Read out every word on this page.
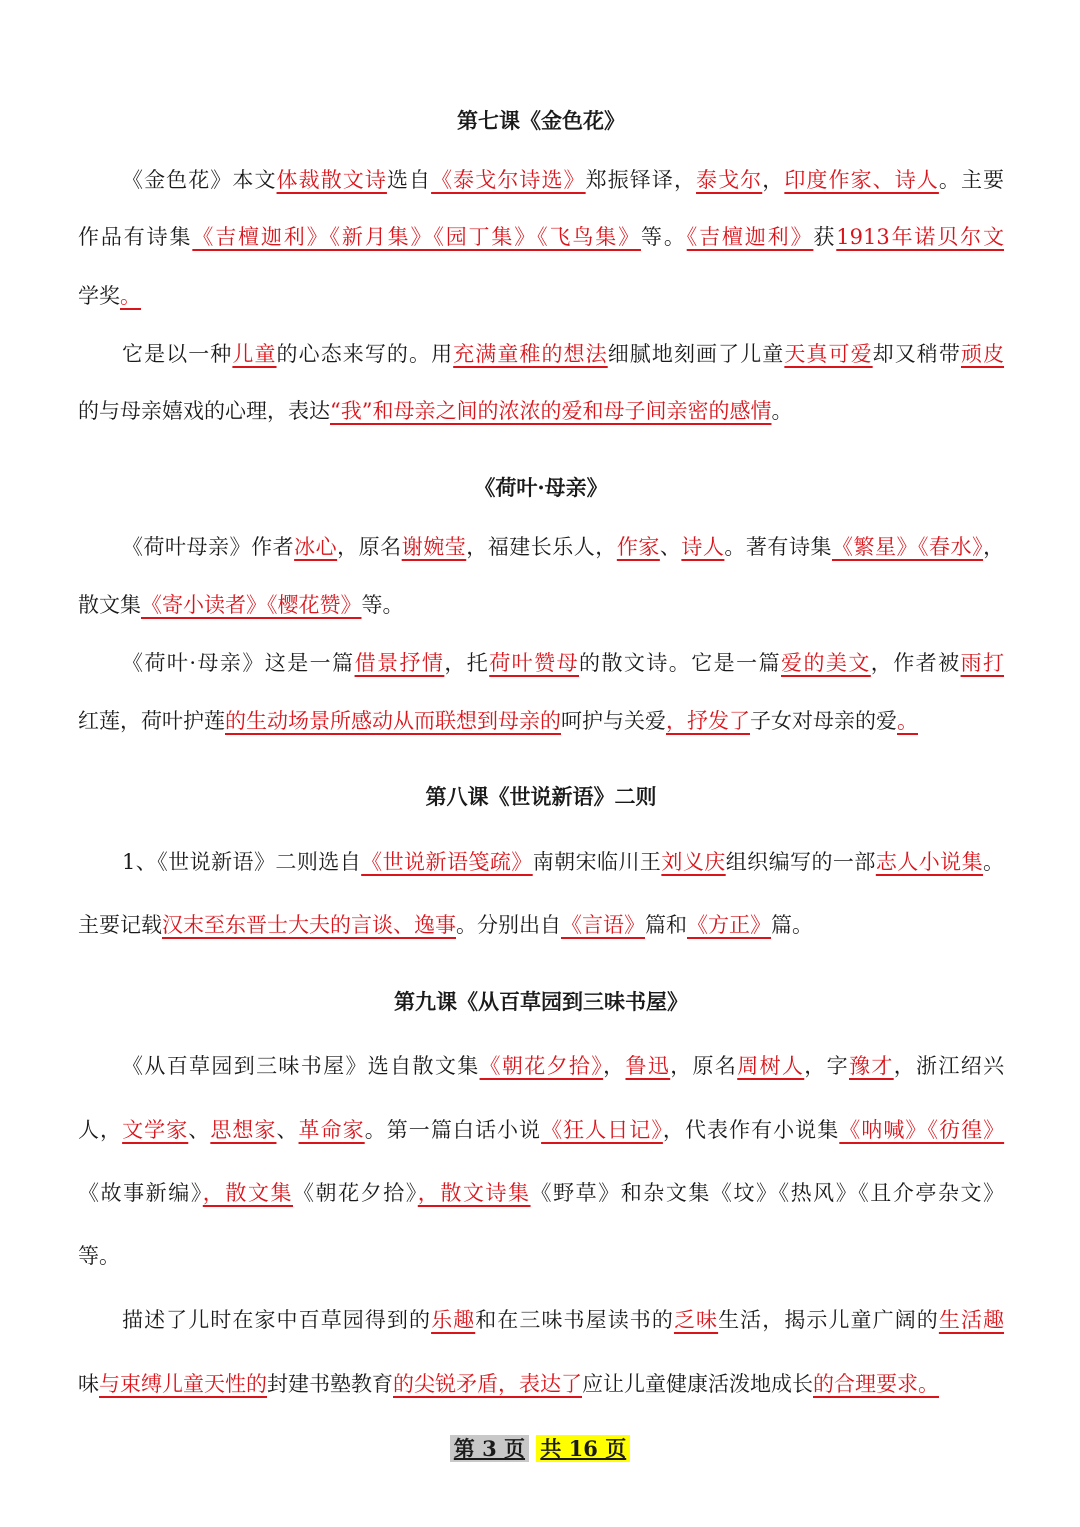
第七课《金色花》
《金色花》本文体裁散文诗选自《泰戈尔诗选》郑振铎译，泰戈尔，印度作家、诗人。主要
作品有诗集《吉檀迦利》《新月集》《园丁集》《飞鸟集》等。《吉檀迦利》获1913年诺贝尔文
学奖。
它是以一种儿童的心态来写的。用充满童稚的想法细腻地刻画了儿童天真可爱却又稍带顽皮
的与母亲嬉戏的心理，表达“我”和母亲之间的浓浓的爱和母子间亲密的感情。
《荷叶·母亲》
《荷叶母亲》作者冰心，原名谢婉莹，福建长乐人，作家、诗人。著有诗集《繁星》《春水》，
散文集《寄小读者》《樱花赞》等。
《荷叶·母亲》这是一篇借景抒情，托荷叶赞母的散文诗。它是一篇爱的美文，作者被雨打
红莲，荷叶护莲的生动场景所感动从而联想到母亲的呵护与关爱，抒发了子女对母亲的爱。
第八课《世说新语》二则
1、《世说新语》二则选自《世说新语笺疏》南朝宋临川王刘义庆组织编写的一部志人小说集。
主要记载汉末至东晋士大夫的言谈、逸事。分别出自《言语》篇和《方正》篇。
第九课《从百草园到三味书屋》
《从百草园到三味书屋》选自散文集《朝花夕拾》，鲁迅，原名周树人，字豫才，浙江绍兴
人，文学家、思想家、革命家。第一篇白话小说《狂人日记》，代表作有小说集《呐喊》《彷徨》
《故事新编》，散文集《朝花夕拾》，散文诗集《野草》和杂文集《坟》《热风》《且介亭杂文》
等。
描述了儿时在家中百草园得到的乐趣和在三味书屋读书的乏味生活，揭示儿童广阔的生活趣
味与束缚儿童天性的封建书塾教育的尖锐矛盾，表达了应让儿童健康活泼地成长的合理要求。
第 3 页 共 16 页
